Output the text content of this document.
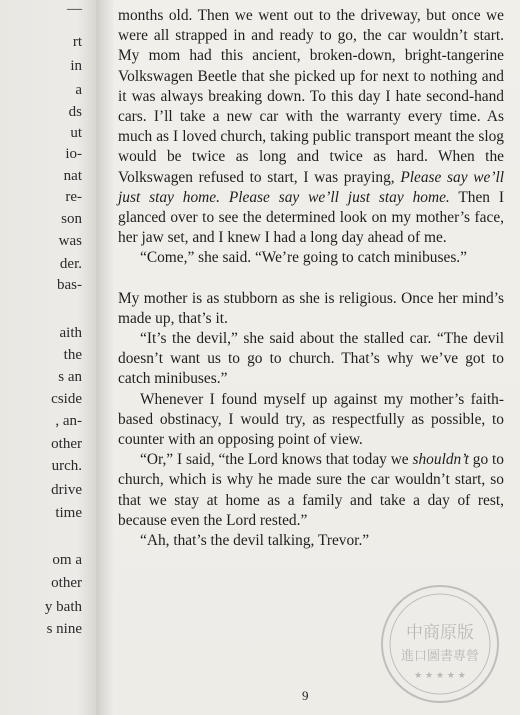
—
rt
in
a
ds
ut
io-
nat
re-
son
was
der.
bas-
aith
the
s an
cside
, an-
other
urch.
drive
time
om a
other
y bath
s nine

months old. Then we went out to the driveway, but once we were all strapped in and ready to go, the car wouldn’t start. My mom had this ancient, broken-down, bright-tangerine Volkswagen Beetle that she picked up for next to nothing and it was always breaking down. To this day I hate second-hand cars. I’ll take a new car with the warranty every time. As much as I loved church, taking public transport meant the slog would be twice as long and twice as hard. When the Volkswagen refused to start, I was praying, Please say we’ll just stay home. Please say we’ll just stay home. Then I glanced over to see the determined look on my mother’s face, her jaw set, and I knew I had a long day ahead of me.

“Come,” she said. “We’re going to catch minibuses.”

My mother is as stubborn as she is religious. Once her mind’s made up, that’s it.

“It’s the devil,” she said about the stalled car. “The devil doesn’t want us to go to church. That’s why we’ve got to catch minibuses.”

Whenever I found myself up against my mother’s faith-based obstinacy, I would try, as respectfully as possible, to counter with an opposing point of view.

“Or,” I said, “the Lord knows that today we shouldn’t go to church, which is why he made sure the car wouldn’t start, so that we stay at home as a family and take a day of rest, because even the Lord rested.”

“Ah, that’s the devil talking, Trevor.”

9
中商原版
進口圖書專營
★ ★ ★ ★ ★
